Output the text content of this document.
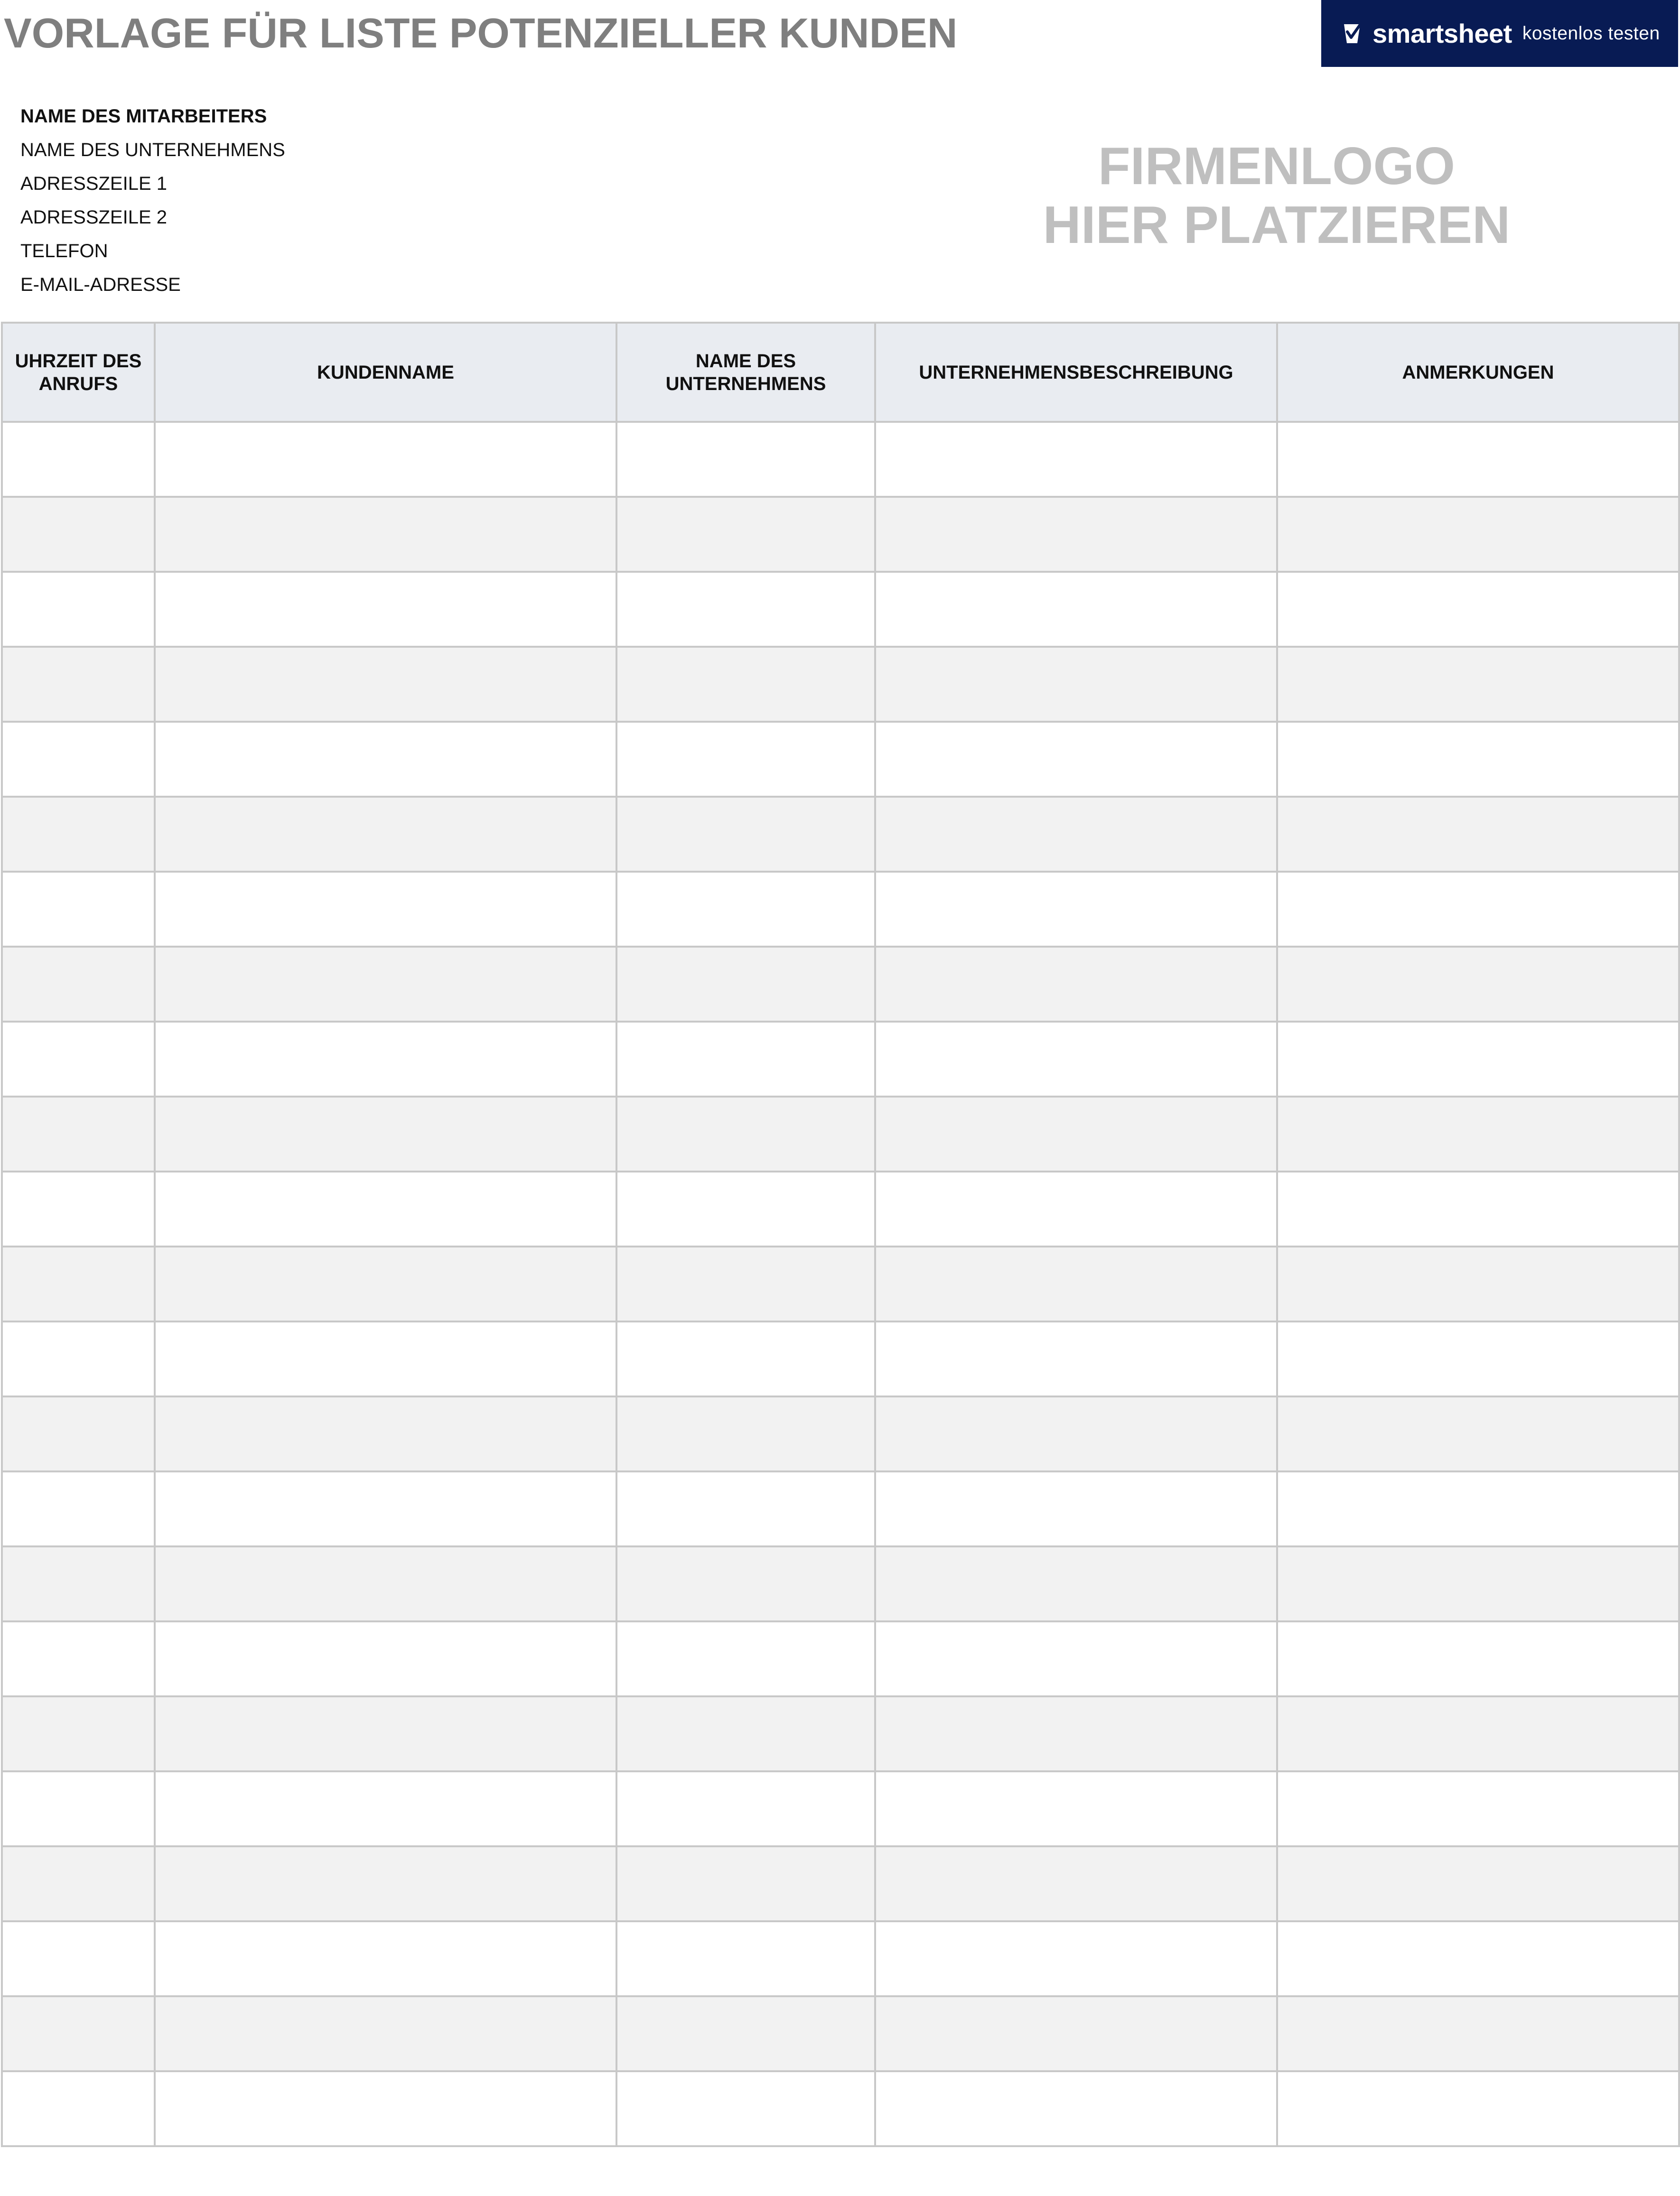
VORLAGE FÜR LISTE POTENZIELLER KUNDEN	smartsheet kostenlos testen
NAME DES MITARBEITERS
NAME DES UNTERNEHMENS
ADRESSZEILE 1
ADRESSZEILE 2
TELEFON
E-MAIL-ADRESSE
FIRMENLOGO
HIER PLATZIEREN
UHRZEIT DES ANRUFS	KUNDENNAME	NAME DES UNTERNEHMENS	UNTERNEHMENSBESCHREIBUNG	ANMERKUNGEN
